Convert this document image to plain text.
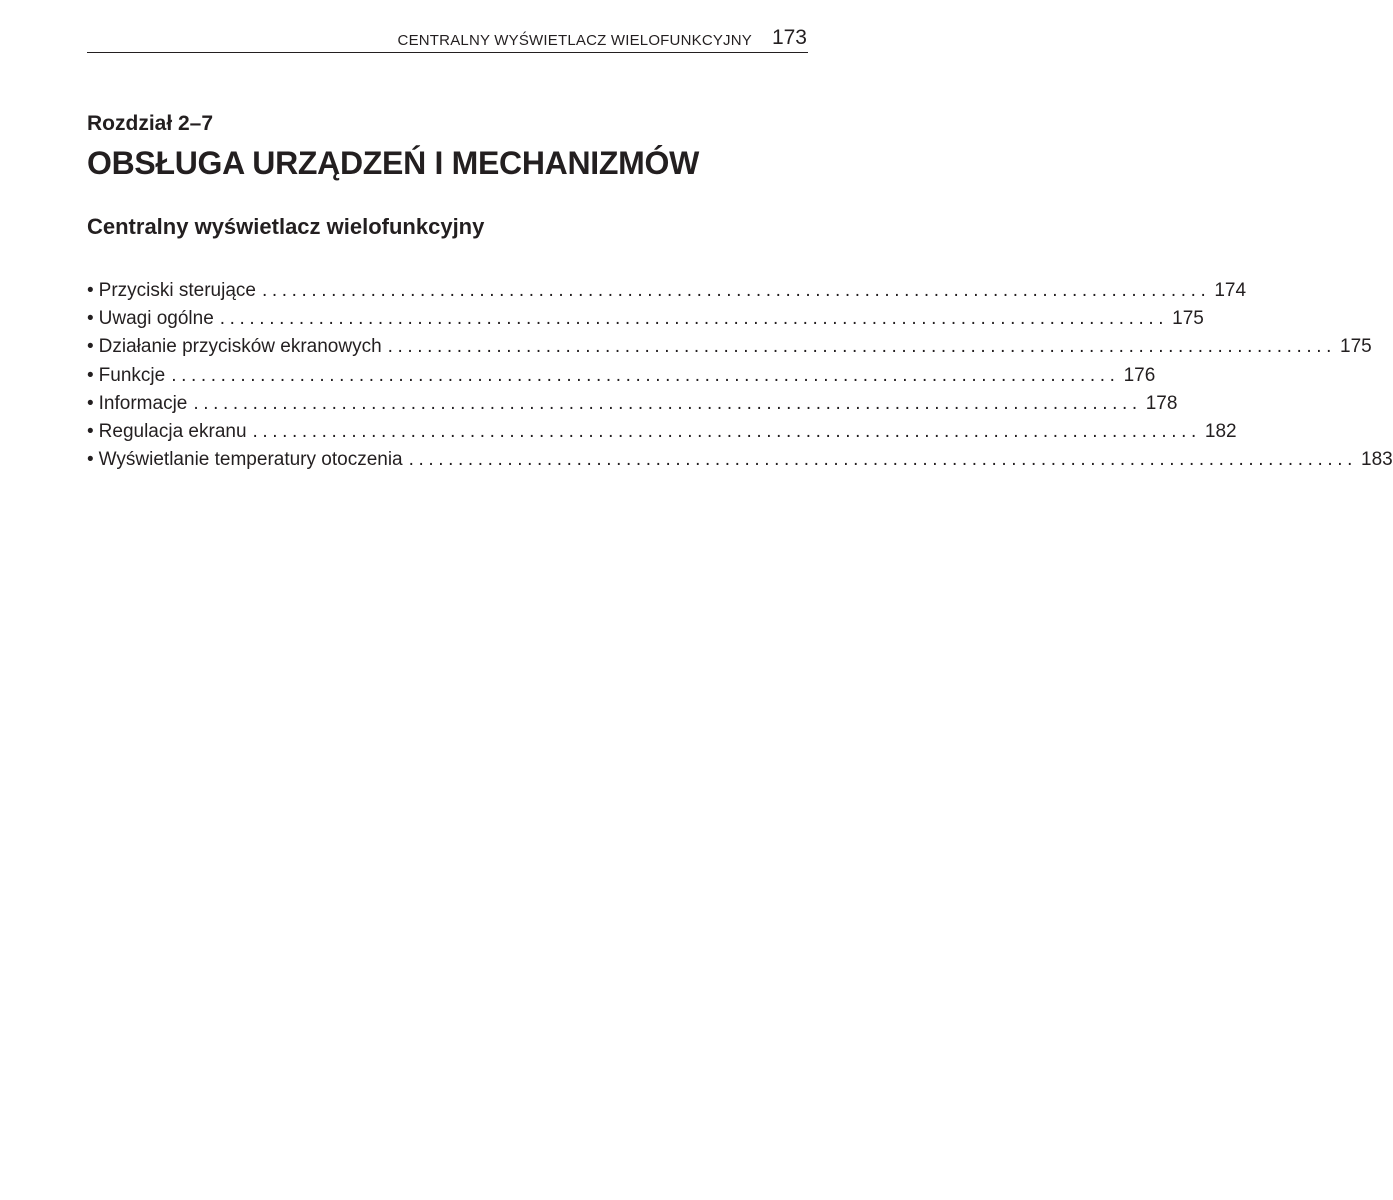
CENTRALNY WYŚWIETLACZ WIELOFUNKCYJNY 173
Rozdział 2–7
OBSŁUGA URZĄDZEŃ I MECHANIZMÓW
Centralny wyświetlacz wielofunkcyjny
• Przyciski sterujące ................................................................................................ 174
• Uwagi ogólne ................................................................................................ 175
• Działanie przycisków ekranowych ................................................................................................ 175
• Funkcje ................................................................................................ 176
• Informacje ................................................................................................ 178
• Regulacja ekranu ................................................................................................ 182
• Wyświetlanie temperatury otoczenia ................................................................................................ 183
